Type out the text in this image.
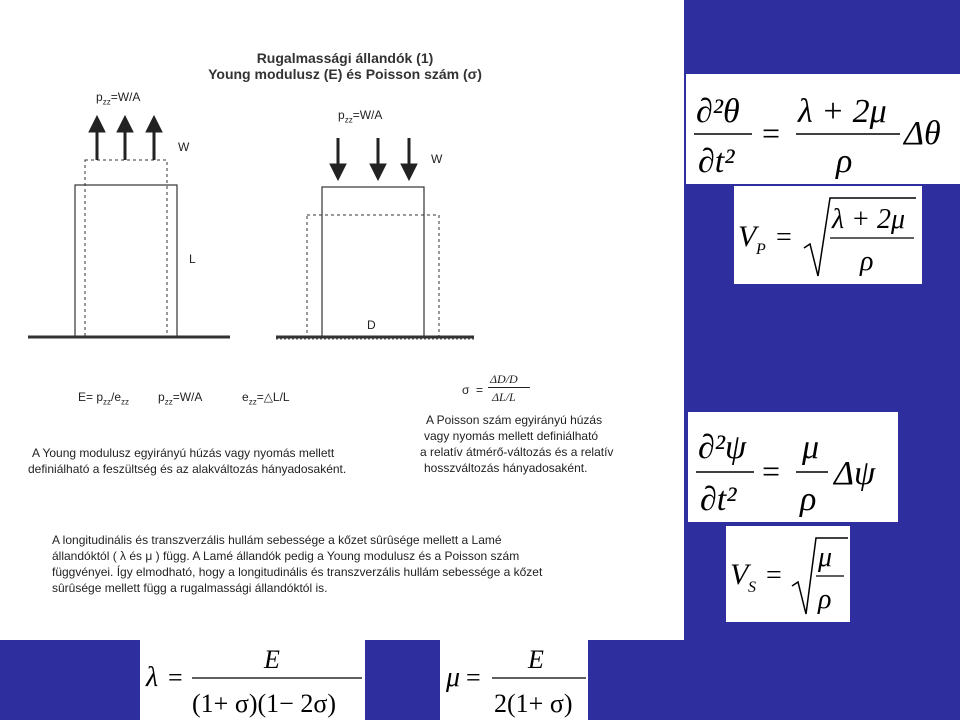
Rugalmassági állandók (1)
Young modulusz (E) és Poisson szám (σ)
$p_{zz}=W/A$
W
L
$p_{zz}=W/A$
W
D
$E= p_{zz}/e_{zz}$ $p_{zz}=W/A$	$e_{zz}=\triangle L/L$	σ =
ΔD/D
ΔL/L
A Young modulusz egyirányú húzás vagy nyomás mellett
definiálható a feszültség és az alakváltozás hányadosaként.
A Poisson szám egyirányú húzás
vagy nyomás mellett definiálható
a relatív átmérő-változás és a relatív
hosszváltozás hányadosaként.
A longitudinális és transzverzális hullám sebessége a kőzet sûrûsége mellett a Lamé
állandóktól ( λ és μ ) függ. A Lamé állandók pedig a Young modulusz és a Poisson szám
függvényei. Így elmodható, hogy a longitudinális és transzverzális hullám sebessége a kőzet
sûrûsége mellett függ a rugalmassági állandóktól is.
∂²θ
∂t²
=
λ + 2μ
ρ
Δθ
V P =
λ + 2μ
ρ
∂²ψ
∂t²
=
μ
ρ
Δψ
V S =
μ
ρ
λ =
E
(1+ σ)(1− 2σ)
μ =
E
2(1+ σ)
